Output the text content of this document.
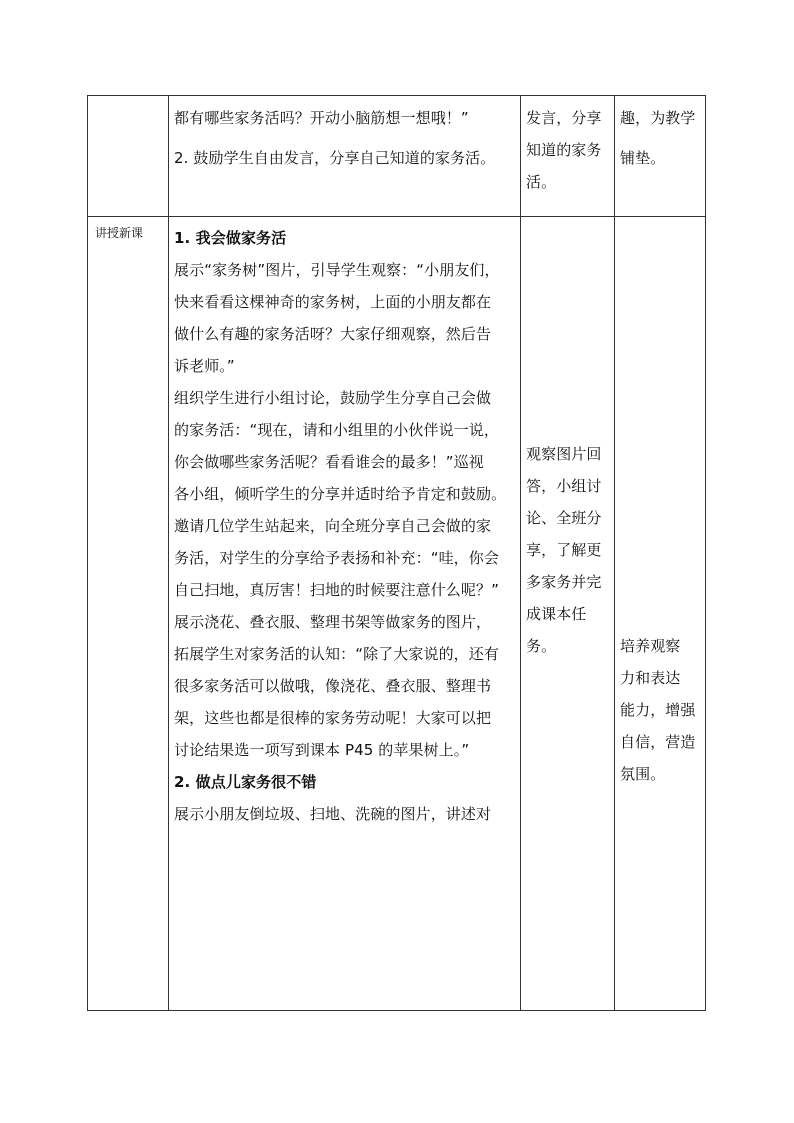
都有哪些家务活吗？开动小脑筋想一想哦！”

2. 鼓励学生自由发言，分享自己知道的家务活。

发言，分享

知道的家务

活。

趣，为教学

铺垫。

讲授新课	1. 我会做家务活

展示“家务树”图片，引导学生观察：“小朋友们，

快来看看这棵神奇的家务树，上面的小朋友都在

做什么有趣的家务活呀？大家仔细观察，然后告

诉老师。”

组织学生进行小组讨论，鼓励学生分享自己会做

的家务活：“现在，请和小组里的小伙伴说一说，

你会做哪些家务活呢？看看谁会的最多！”巡视

各小组，倾听学生的分享并适时给予肯定和鼓励。

邀请几位学生站起来，向全班分享自己会做的家

务活，对学生的分享给予表扬和补充：“哇，你会

自己扫地，真厉害！扫地的时候要注意什么呢？”

展示浇花、叠衣服、整理书架等做家务的图片，

拓展学生对家务活的认知：“除了大家说的，还有

很多家务活可以做哦，像浇花、叠衣服、整理书

架，这些也都是很棒的家务劳动呢！大家可以把

讨论结果选一项写到课本 P45 的苹果树上。”

2. 做点儿家务很不错

展示小朋友倒垃圾、扫地、洗碗的图片，讲述对

观察图片回

答，小组讨

论、全班分

享，了解更

多家务并完

成课本任务。	培养观察

力和表达

能力，增强

自信，营造

氛围。
